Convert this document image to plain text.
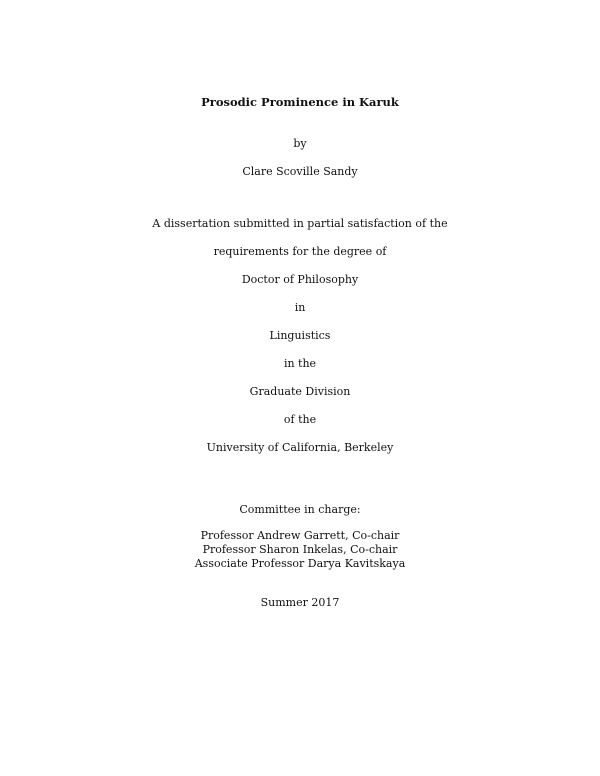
Prosodic Prominence in Karuk
by
Clare Scoville Sandy
A dissertation submitted in partial satisfaction of the
requirements for the degree of
Doctor of Philosophy
in
Linguistics
in the
Graduate Division
of the
University of California, Berkeley
Committee in charge:
Professor Andrew Garrett, Co-chair
Professor Sharon Inkelas, Co-chair
Associate Professor Darya Kavitskaya
Summer 2017
